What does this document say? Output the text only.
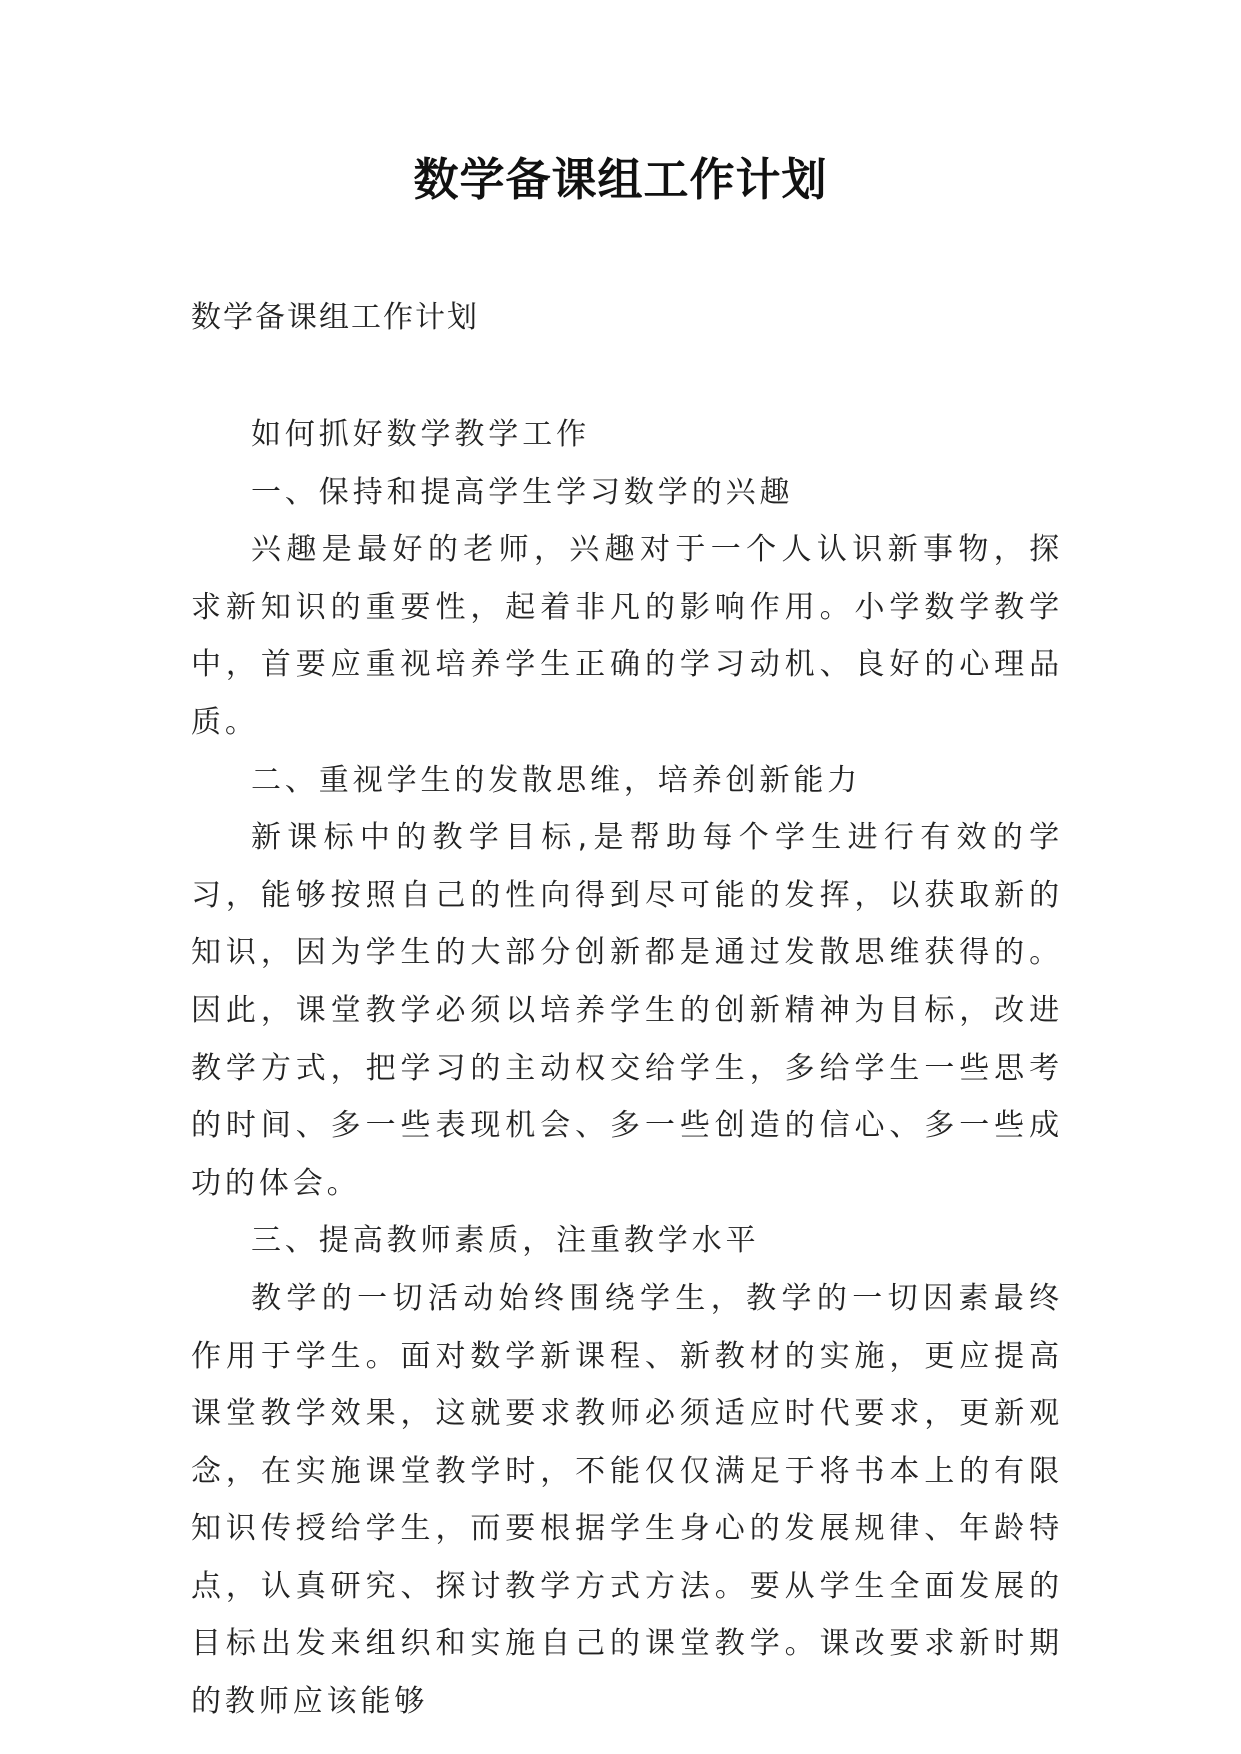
数学备课组工作计划
数学备课组工作计划

如何抓好数学教学工作

一、保持和提高学生学习数学的兴趣

兴趣是最好的老师，兴趣对于一个人认识新事物，探求新知识的重要性，起着非凡的影响作用。小学数学教学中，首要应重视培养学生正确的学习动机、良好的心理品质。

二、重视学生的发散思维，培养创新能力

新课标中的教学目标,是帮助每个学生进行有效的学习，能够按照自己的性向得到尽可能的发挥，以获取新的知识，因为学生的大部分创新都是通过发散思维获得的。因此，课堂教学必须以培养学生的创新精神为目标，改进教学方式，把学习的主动权交给学生，多给学生一些思考的时间、多一些表现机会、多一些创造的信心、多一些成功的体会。

三、提高教师素质，注重教学水平

教学的一切活动始终围绕学生，教学的一切因素最终作用于学生。面对数学新课程、新教材的实施，更应提高课堂教学效果，这就要求教师必须适应时代要求，更新观念，在实施课堂教学时，不能仅仅满足于将书本上的有限知识传授给学生，而要根据学生身心的发展规律、年龄特点，认真研究、探讨教学方式方法。要从学生全面发展的目标出发来组织和实施自己的课堂教学。课改要求新时期的教师应该能够
